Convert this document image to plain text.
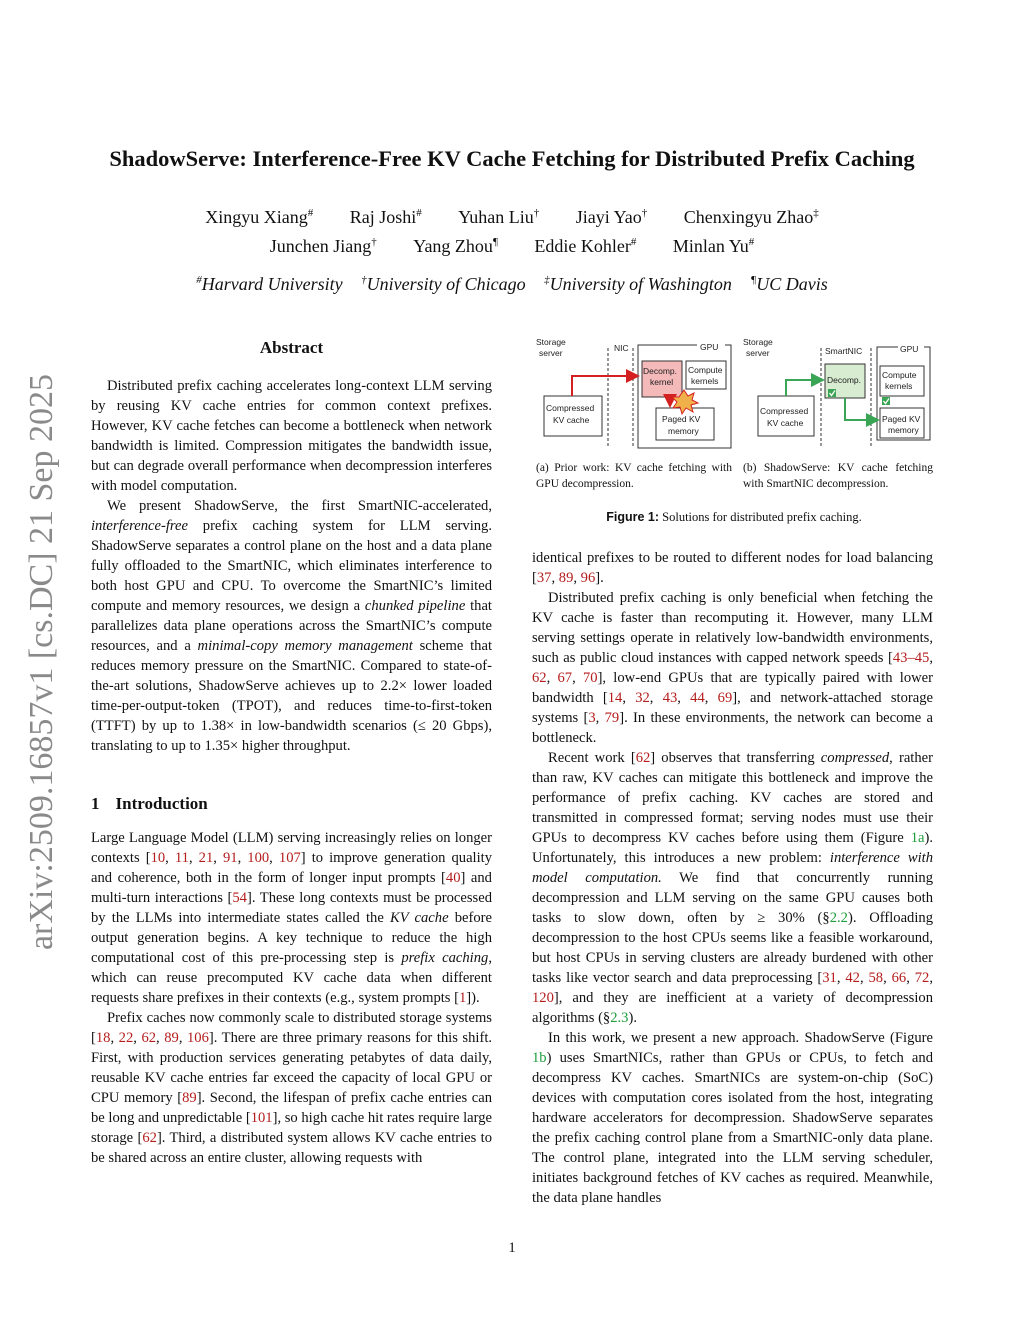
arXiv:2509.16857v1 [cs.DC] 21 Sep 2025
ShadowServe: Interference-Free KV Cache Fetching for Distributed Prefix Caching
Xingyu Xiang# Raj Joshi# Yuhan Liu† Jiayi Yao† Chenxingyu Zhao‡
Junchen Jiang† Yang Zhou¶ Eddie Kohler# Minlan Yu#
#Harvard University †University of Chicago ‡University of Washington ¶UC Davis
Abstract

Distributed prefix caching accelerates long-context LLM serving by reusing KV cache entries for common context prefixes. However, KV cache fetches can become a bottleneck when network bandwidth is limited. Compression mitigates the bandwidth issue, but can degrade overall performance when decompression interferes with model computation.

We present ShadowServe, the first SmartNIC-accelerated, interference-free prefix caching system for LLM serving. ShadowServe separates a control plane on the host and a data plane fully offloaded to the SmartNIC, which eliminates interference to both host GPU and CPU. To overcome the SmartNIC’s limited compute and memory resources, we design a chunked pipeline that parallelizes data plane operations across the SmartNIC’s compute resources, and a minimal-copy memory management scheme that reduces memory pressure on the SmartNIC. Compared to state-of-the-art solutions, ShadowServe achieves up to 2.2× lower loaded time-per-output-token (TPOT), and reduces time-to-first-token (TTFT) by up to 1.38× in low-bandwidth scenarios (≤ 20 Gbps), translating to up to 1.35× higher throughput.

1 Introduction

Large Language Model (LLM) serving increasingly relies on longer contexts [10, 11, 21, 91, 100, 107] to improve generation quality and coherence, both in the form of longer input prompts [40] and multi-turn interactions [54]. These long contexts must be processed by the LLMs into intermediate states called the KV cache before output generation begins. A key technique to reduce the high computational cost of this pre-processing step is prefix caching, which can reuse precomputed KV cache data when different requests share prefixes in their contexts (e.g., system prompts [1]).

Prefix caches now commonly scale to distributed storage systems [18, 22, 62, 89, 106]. There are three primary reasons for this shift. First, with production services generating petabytes of data daily, reusable KV cache entries far exceed the capacity of local GPU or CPU memory [89]. Second, the lifespan of prefix cache entries can be long and unpredictable [101], so high cache hit rates require large storage [62]. Third, a distributed system allows KV cache entries to be shared across an entire cluster, allowing requests with

Storage
server	NIC	GPU
Compressed
KV cache
Decomp.
kernel
Compute
kernels
Paged KV
memory
Storage
server	SmartNIC	GPU
Compressed
KV cache
Decomp. Compute
kernels
Paged KV
memory
(a) Prior work: KV cache fetching with GPU decompression.
(b) ShadowServe: KV cache fetching with SmartNIC decompression.
Figure 1: Solutions for distributed prefix caching.

identical prefixes to be routed to different nodes for load balancing [37, 89, 96].

Distributed prefix caching is only beneficial when fetching the KV cache is faster than recomputing it. However, many LLM serving settings operate in relatively low-bandwidth environments, such as public cloud instances with capped network speeds [43–45, 62, 67, 70], low-end GPUs that are typically paired with lower bandwidth [14, 32, 43, 44, 69], and network-attached storage systems [3, 79]. In these environments, the network can become a bottleneck.

Recent work [62] observes that transferring compressed, rather than raw, KV caches can mitigate this bottleneck and improve the performance of prefix caching. KV caches are stored and transmitted in compressed format; serving nodes must use their GPUs to decompress KV caches before using them (Figure 1a). Unfortunately, this introduces a new problem: interference with model computation. We find that concurrently running decompression and LLM serving on the same GPU causes both tasks to slow down, often by ≥ 30% (§2.2). Offloading decompression to the host CPUs seems like a feasible workaround, but host CPUs in serving clusters are already burdened with other tasks like vector search and data preprocessing [31, 42, 58, 66, 72, 120], and they are inefficient at a variety of decompression algorithms (§2.3).

In this work, we present a new approach. ShadowServe (Figure 1b) uses SmartNICs, rather than GPUs or CPUs, to fetch and decompress KV caches. SmartNICs are system-on-chip (SoC) devices with computation cores isolated from the host, integrating hardware accelerators for decompression. ShadowServe separates the prefix caching control plane from a SmartNIC-only data plane. The control plane, integrated into the LLM serving scheduler, initiates background fetches of KV caches as required. Meanwhile, the data plane handles

1
